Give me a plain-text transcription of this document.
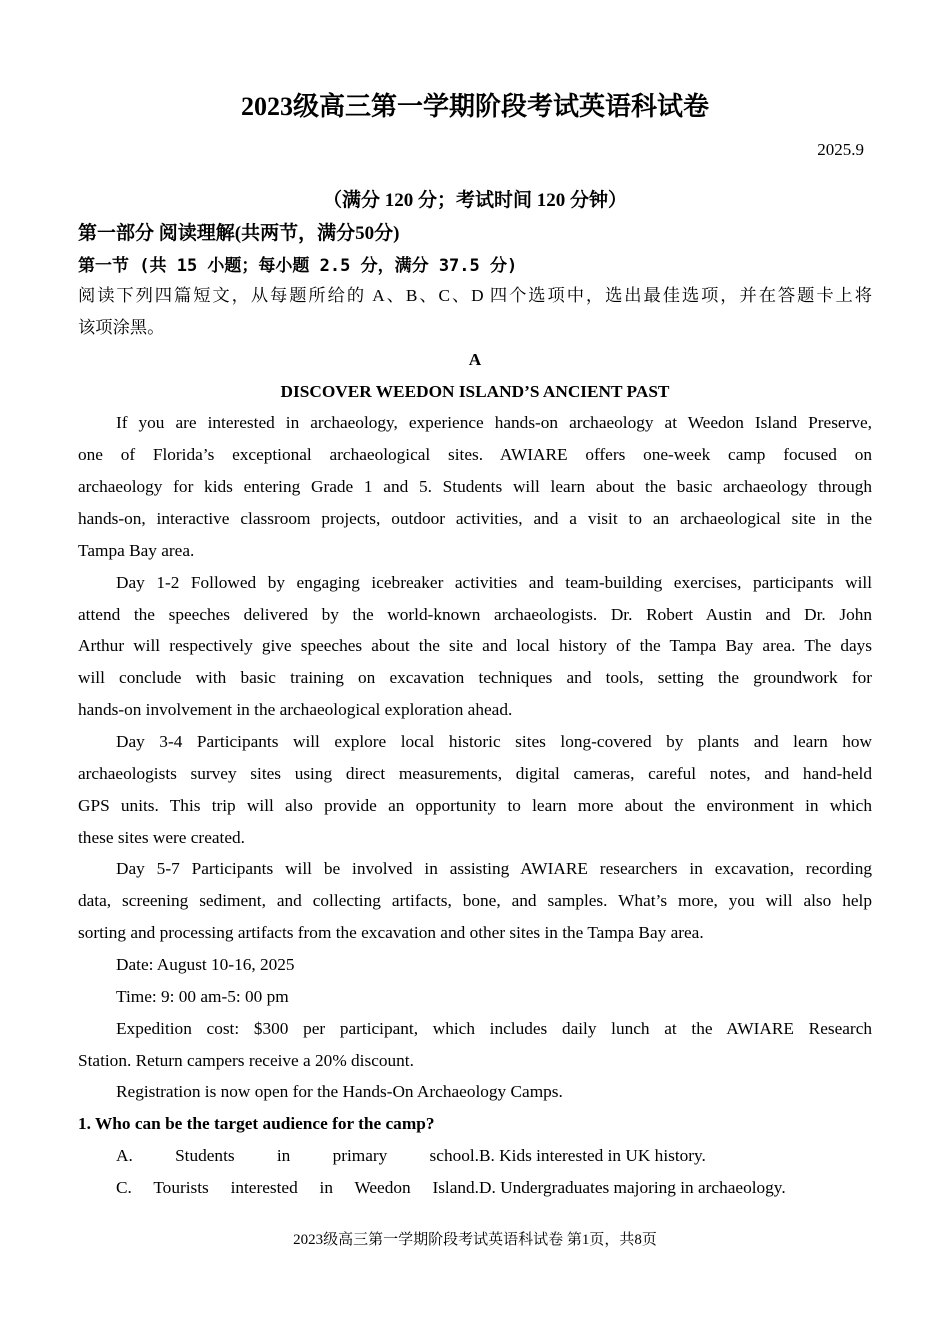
2023级高三第一学期阶段考试英语科试卷
2025.9
（满分 120 分；考试时间 120 分钟）
第一部分 阅读理解(共两节，满分50分)
第一节 (共 15 小题；每小题 2.5 分，满分 37.5 分)
阅读下列四篇短文，从每题所给的 A、B、C、D 四个选项中，选出最佳选项，并在答题卡上将
该项涂黑。
A
DISCOVER WEEDON ISLAND’S ANCIENT PAST
If you are interested in archaeology, experience hands-on archaeology at Weedon Island Preserve,
one of Florida’s exceptional archaeological sites. AWIARE offers one-week camp focused on
archaeology for kids entering Grade 1 and 5. Students will learn about the basic archaeology through
hands-on, interactive classroom projects, outdoor activities, and a visit to an archaeological site in the
Tampa Bay area.
Day 1-2 Followed by engaging icebreaker activities and team-building exercises, participants will
attend the speeches delivered by the world-known archaeologists. Dr. Robert Austin and Dr. John
Arthur will respectively give speeches about the site and local history of the Tampa Bay area. The days
will conclude with basic training on excavation techniques and tools, setting the groundwork for
hands-on involvement in the archaeological exploration ahead.
Day 3-4 Participants will explore local historic sites long-covered by plants and learn how
archaeologists survey sites using direct measurements, digital cameras, careful notes, and hand-held
GPS units. This trip will also provide an opportunity to learn more about the environment in which
these sites were created.
Day 5-7 Participants will be involved in assisting AWIARE researchers in excavation, recording
data, screening sediment, and collecting artifacts, bone, and samples. What’s more, you will also help
sorting and processing artifacts from the excavation and other sites in the Tampa Bay area.
Date: August 10-16, 2025
Time: 9: 00 am-5: 00 pm
Expedition cost: $300 per participant, which includes daily lunch at the AWIARE Research
Station. Return campers receive a 20% discount.
Registration is now open for the Hands-On Archaeology Camps.
1. Who can be the target audience for the camp?
A. Students in primary school. B. Kids interested in UK history.
C. Tourists interested in Weedon Island. D. Undergraduates majoring in archaeology.
2023级高三第一学期阶段考试英语科试卷 第1页，共8页
